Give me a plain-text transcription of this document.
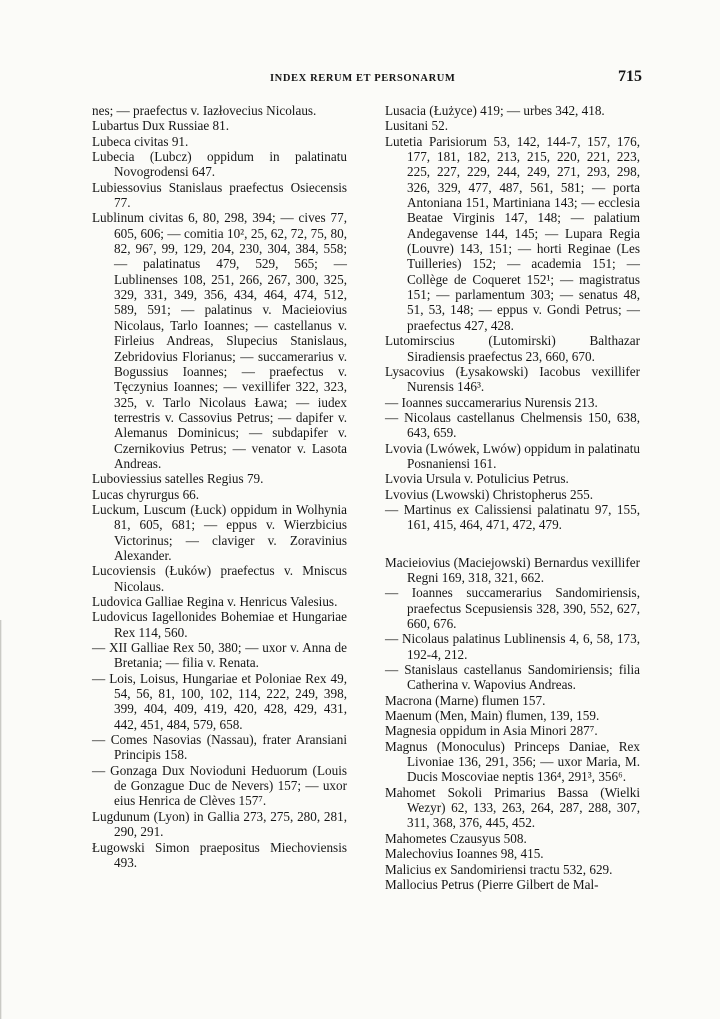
INDEX RERUM ET PERSONARUM	715

nes; — praefectus v. Iazłovecius Nicolaus.

Lubartus Dux Russiae 81.

Lubeca civitas 91.

Lubecia (Lubcz) oppidum in palatinatu Novogrodensi 647.

Lubiessovius Stanislaus praefectus Osiecensis 77.

Lublinum civitas 6, 80, 298, 394; — cives 77, 605, 606; — comitia 10², 25, 62, 72, 75, 80, 82, 96⁷, 99, 129, 204, 230, 304, 384, 558; — palatinatus 479, 529, 565; — Lublinenses 108, 251, 266, 267, 300, 325, 329, 331, 349, 356, 434, 464, 474, 512, 589, 591; — palatinus v. Macieiovius Nicolaus, Tarlo Ioannes; — castellanus v. Firleius Andreas, Slupecius Stanislaus, Zebridovius Florianus; — succamerarius v. Bogussius Ioannes; — praefectus v. Tęczynius Ioannes; — vexillifer 322, 323, 325, v. Tarlo Nicolaus Ława; — iudex terrestris v. Cassovius Petrus; — dapifer v. Alemanus Dominicus; — subdapifer v. Czernikovius Petrus; — venator v. Lasota Andreas.

Luboviessius satelles Regius 79.

Lucas chyrurgus 66.

Luckum, Luscum (Łuck) oppidum in Wolhynia 81, 605, 681; — eppus v. Wierzbicius Victorinus; — claviger v. Zoravinius Alexander.

Lucoviensis (Łuków) praefectus v. Mniscus Nicolaus.

Ludovica Galliae Regina v. Henricus Valesius.

Ludovicus Iagellonides Bohemiae et Hungariae Rex 114, 560.

— XII Galliae Rex 50, 380; — uxor v. Anna de Bretania; — filia v. Renata.

— Lois, Loisus, Hungariae et Poloniae Rex 49, 54, 56, 81, 100, 102, 114, 222, 249, 398, 399, 404, 409, 419, 420, 428, 429, 431, 442, 451, 484, 579, 658.

— Comes Nasovias (Nassau), frater Aransiani Principis 158.

— Gonzaga Dux Novioduni Heduorum (Louis de Gonzague Duc de Nevers) 157; — uxor eius Henrica de Clèves 157⁷.

Lugdunum (Lyon) in Gallia 273, 275, 280, 281, 290, 291.

Ługowski Simon praepositus Miechoviensis 493.

Lusacia (Łużyce) 419; — urbes 342, 418.

Lusitani 52.

Lutetia Parisiorum 53, 142, 144-7, 157, 176, 177, 181, 182, 213, 215, 220, 221, 223, 225, 227, 229, 244, 249, 271, 293, 298, 326, 329, 477, 487, 561, 581; — porta Antoniana 151, Martiniana 143; — ecclesia Beatae Virginis 147, 148; — palatium Andegavense 144, 145; — Lupara Regia (Louvre) 143, 151; — horti Reginae (Les Tuilleries) 152; — academia 151; — Collège de Coqueret 152¹; — magistratus 151; — parlamentum 303; — senatus 48, 51, 53, 148; — eppus v. Gondi Petrus; — praefectus 427, 428.

Lutomirscius (Lutomirski) Balthazar Siradiensis praefectus 23, 660, 670.

Lysacovius (Łysakowski) Iacobus vexillifer Nurensis 146³.

— Ioannes succamerarius Nurensis 213.

— Nicolaus castellanus Chelmensis 150, 638, 643, 659.

Lvovia (Lwówek, Lwów) oppidum in palatinatu Posnaniensi 161.

Lvovia Ursula v. Potulicius Petrus.

Lvovius (Lwowski) Christopherus 255.

— Martinus ex Calissiensi palatinatu 97, 155, 161, 415, 464, 471, 472, 479.

Macieiovius (Maciejowski) Bernardus vexillifer Regni 169, 318, 321, 662.

— Ioannes succamerarius Sandomiriensis, praefectus Scepusiensis 328, 390, 552, 627, 660, 676.

— Nicolaus palatinus Lublinensis 4, 6, 58, 173, 192-4, 212.

— Stanislaus castellanus Sandomiriensis; filia Catherina v. Wapovius Andreas.

Macrona (Marne) flumen 157.

Maenum (Men, Main) flumen, 139, 159.

Magnesia oppidum in Asia Minori 287⁷.

Magnus (Monoculus) Princeps Daniae, Rex Livoniae 136, 291, 356; — uxor Maria, M. Ducis Moscoviae neptis 136⁴, 291³, 356⁶.

Mahomet Sokoli Primarius Bassa (Wielki Wezyr) 62, 133, 263, 264, 287, 288, 307, 311, 368, 376, 445, 452.

Mahometes Czausyus 508.

Malechovius Ioannes 98, 415.

Malicius ex Sandomiriensi tractu 532, 629.

Mallocius Petrus (Pierre Gilbert de Mal-
